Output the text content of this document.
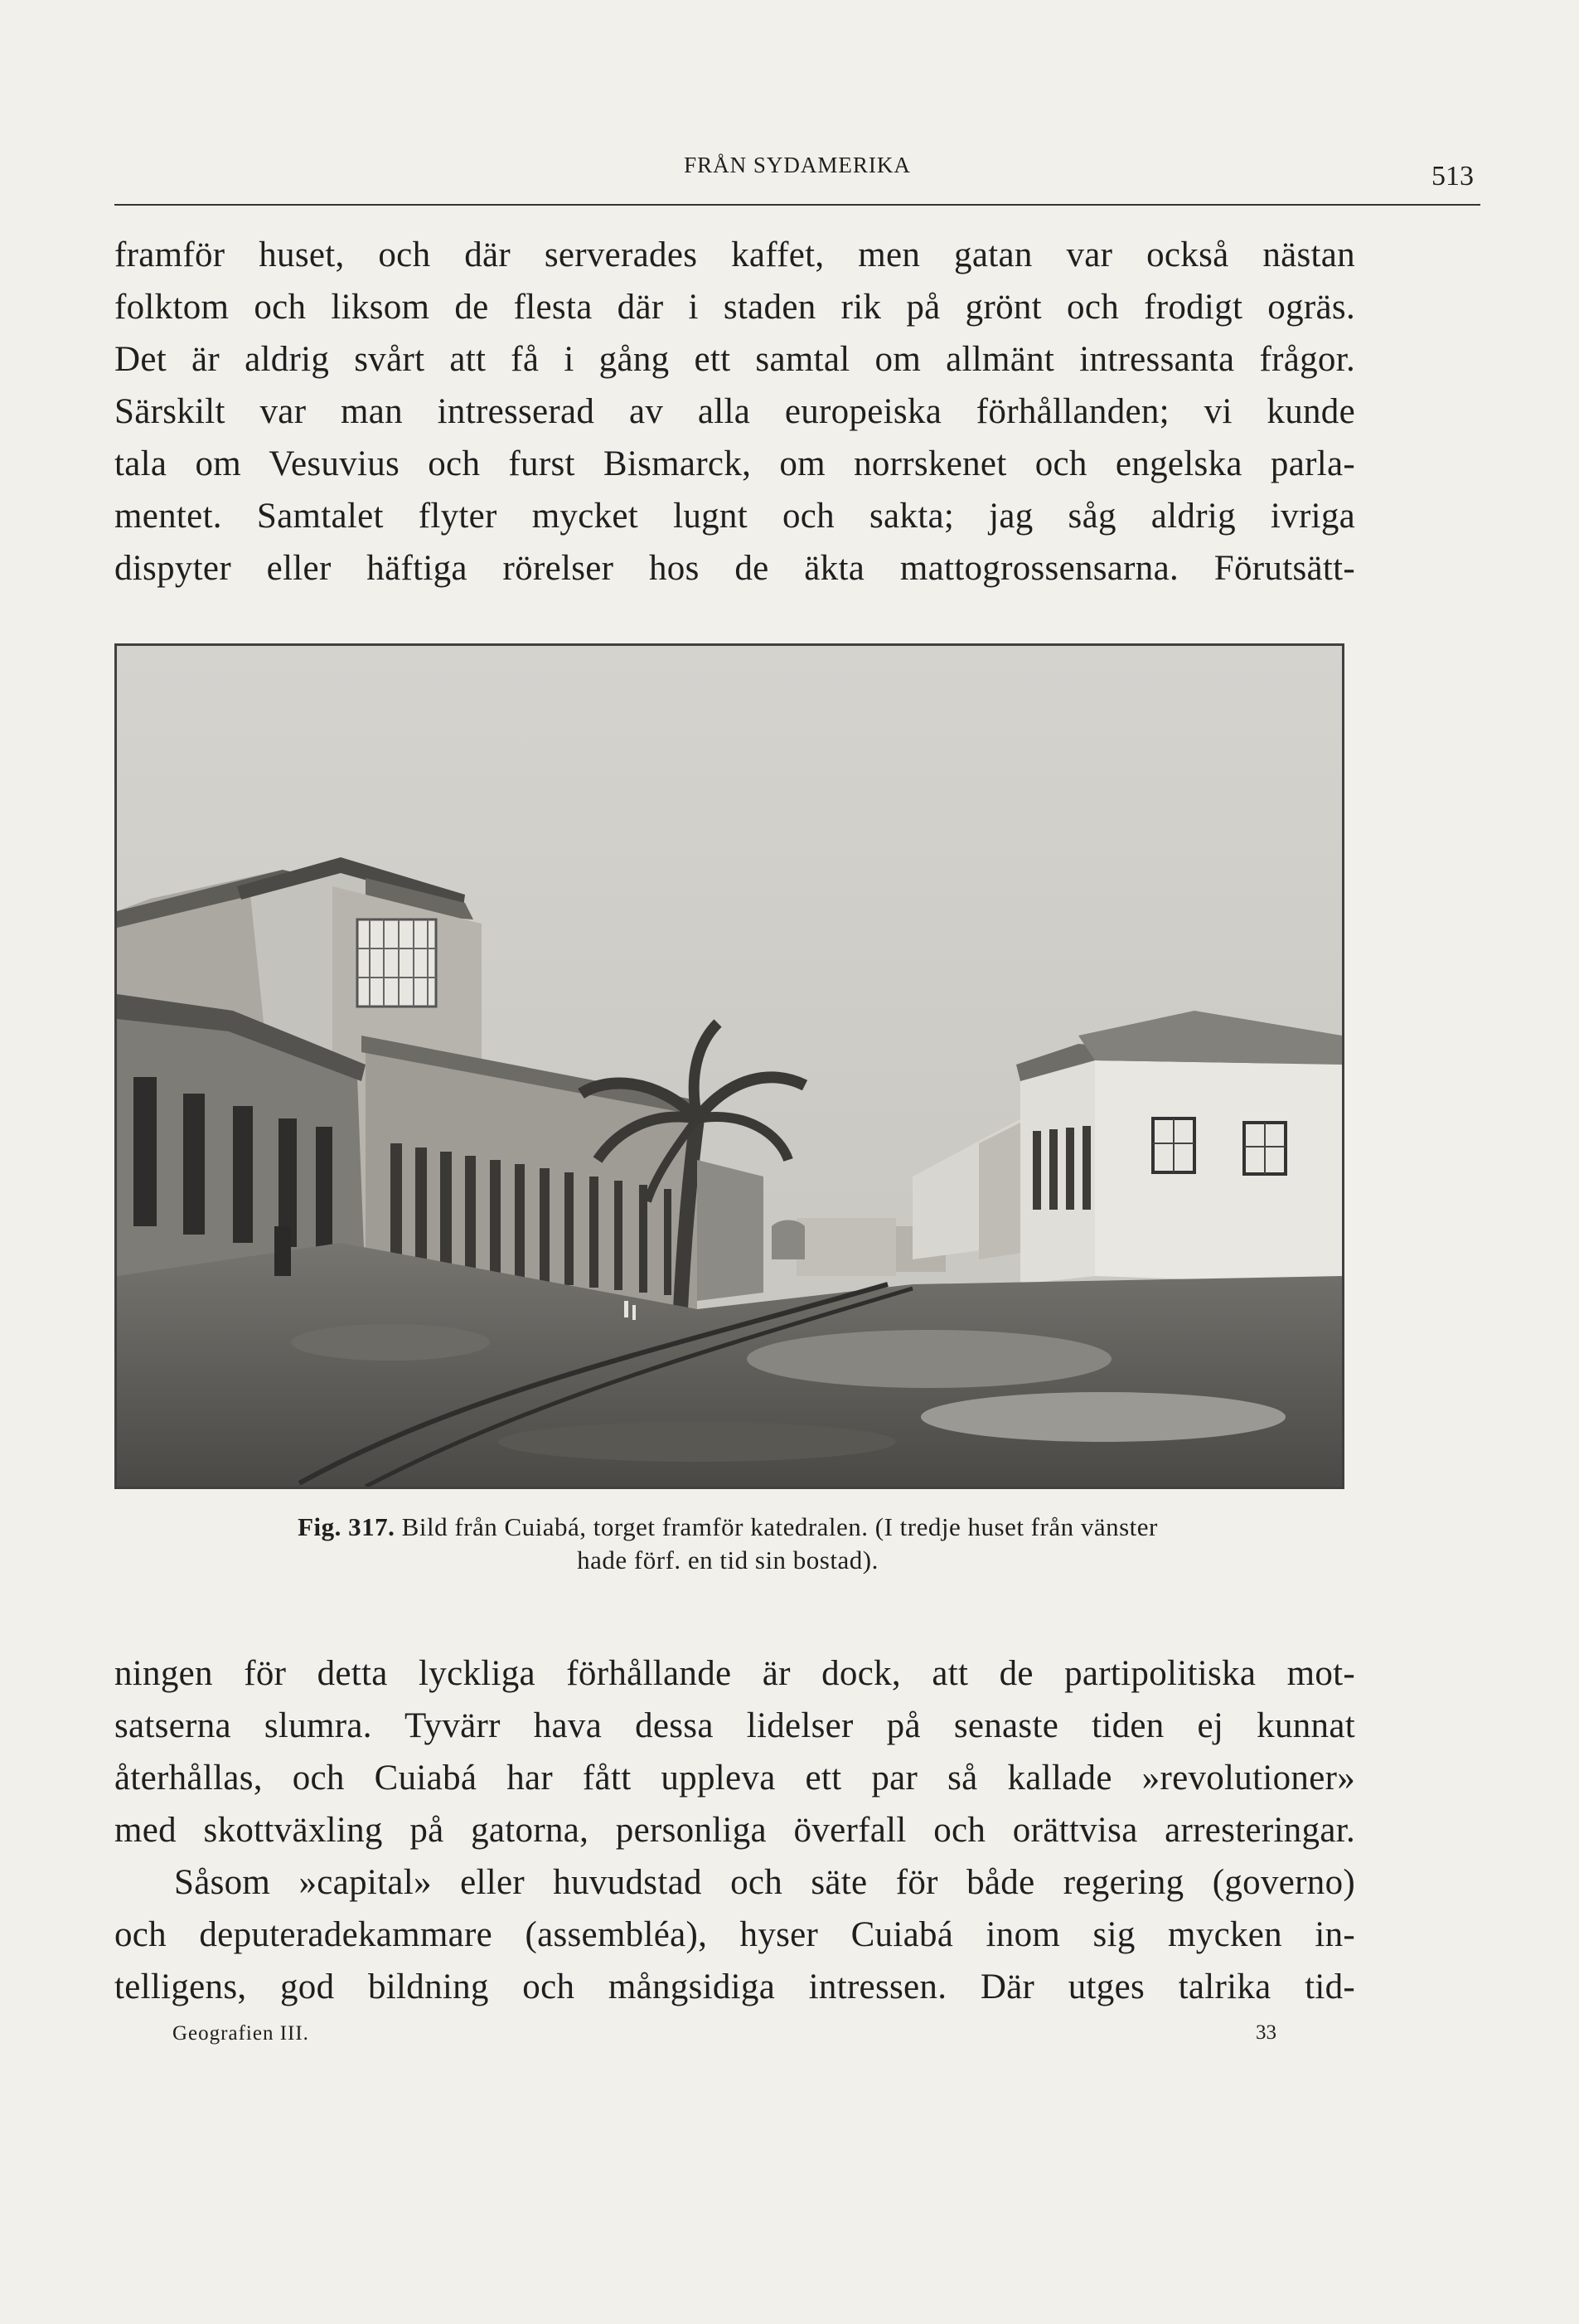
FRÅN SYDAMERIKA	513
framför huset, och där serverades kaffet, men gatan var också nästan
folktom och liksom de flesta där i staden rik på grönt och frodigt ogräs.
Det är aldrig svårt att få i gång ett samtal om allmänt intressanta frågor.
Särskilt var man intresserad av alla europeiska förhållanden; vi kunde
tala om Vesuvius och furst Bismarck, om norrskenet och engelska parla-
mentet. Samtalet flyter mycket lugnt och sakta; jag såg aldrig ivriga
dispyter eller häftiga rörelser hos de äkta mattogrossensarna. Förutsätt-
Fig. 317. Bild från Cuiabá, torget framför katedralen. (I tredje huset från vänster
hade förf. en tid sin bostad).
ningen för detta lyckliga förhållande är dock, att de partipolitiska mot-
satserna slumra. Tyvärr hava dessa lidelser på senaste tiden ej kunnat
återhållas, och Cuiabá har fått uppleva ett par så kallade »revolutioner»
med skottväxling på gatorna, personliga överfall och orättvisa arresteringar.
Såsom »capital» eller huvudstad och säte för både regering (governo)
och deputeradekammare (assembléa), hyser Cuiabá inom sig mycken in-
telligens, god bildning och mångsidiga intressen. Där utges talrika tid-
Geografien III.	33
